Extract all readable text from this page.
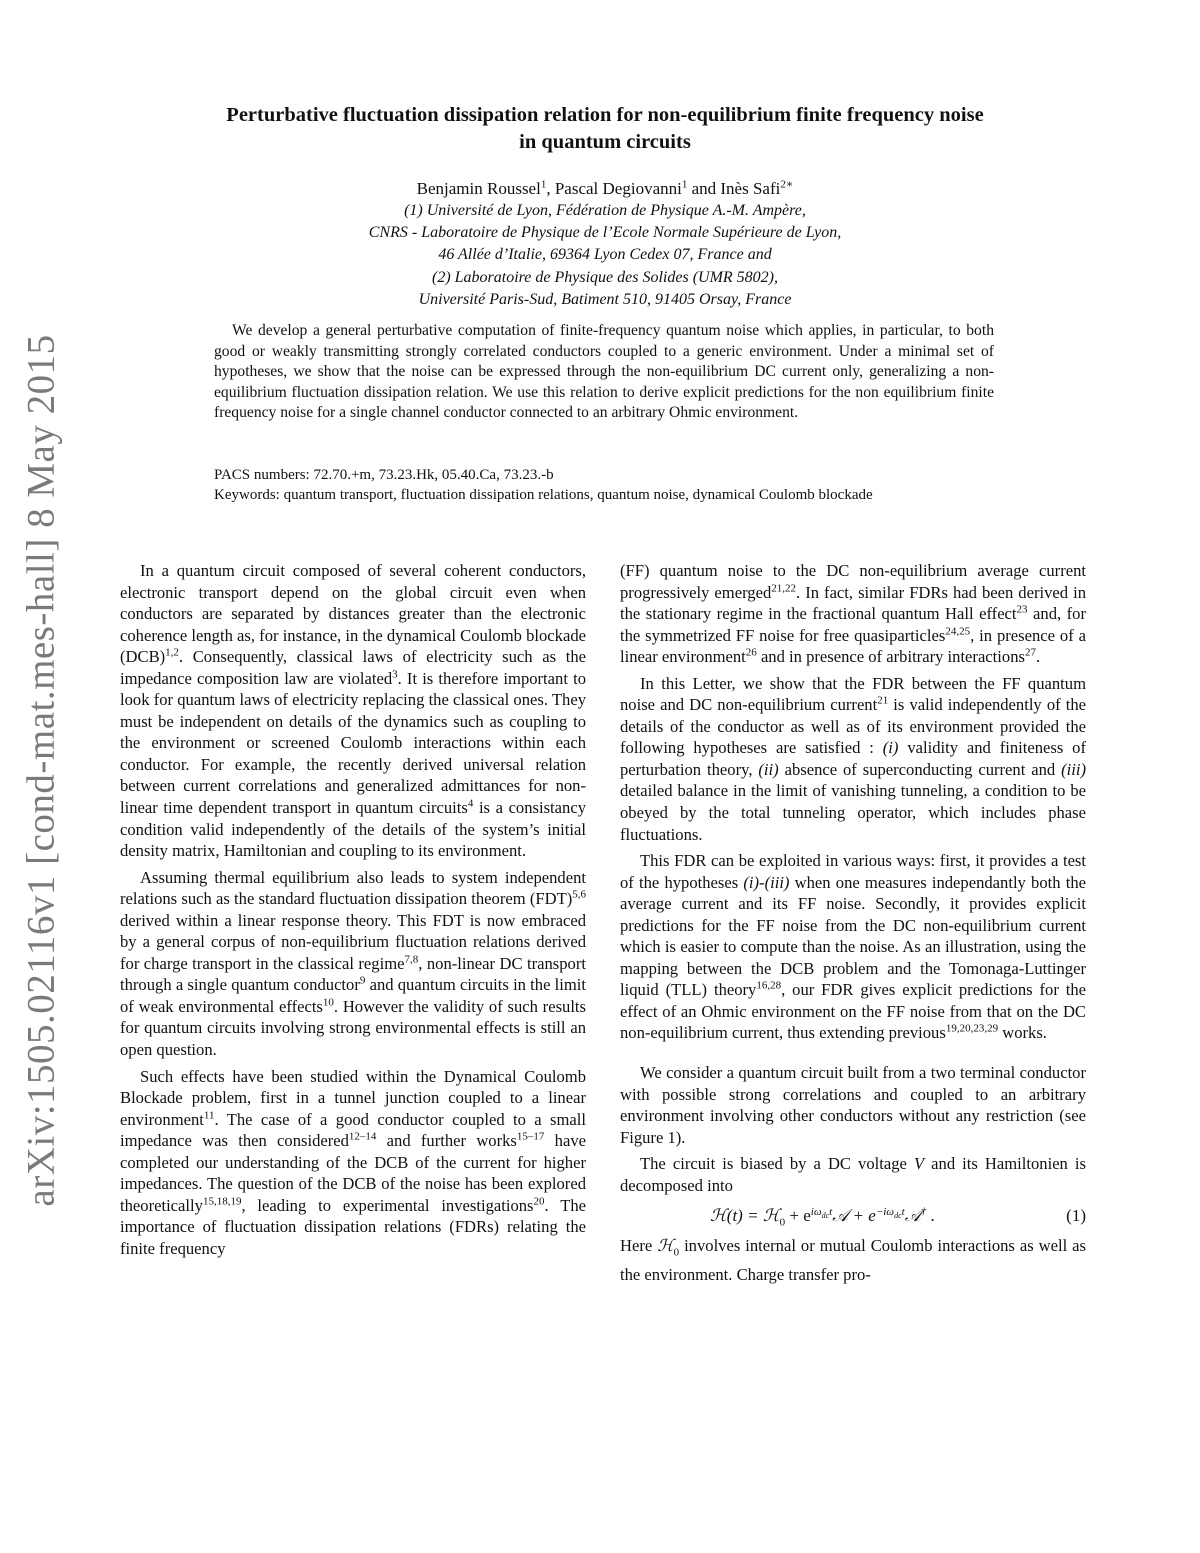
arXiv:1505.02116v1 [cond-mat.mes-hall] 8 May 2015
Perturbative fluctuation dissipation relation for non-equilibrium finite frequency noise
in quantum circuits
Benjamin Roussel$^1$, Pascal Degiovanni$^1$ and Inès Safi$^{2∗}$
(1) Université de Lyon, Fédération de Physique A.-M. Ampère,
CNRS - Laboratoire de Physique de l’Ecole Normale Supérieure de Lyon,
46 Allée d’Italie, 69364 Lyon Cedex 07, France and
(2) Laboratoire de Physique des Solides (UMR 5802),
Université Paris-Sud, Batiment 510, 91405 Orsay, France
We develop a general perturbative computation of finite-frequency quantum noise which applies, in particular, to both good or weakly transmitting strongly correlated conductors coupled to a generic environment. Under a minimal set of hypotheses, we show that the noise can be expressed through the non-equilibrium DC current only, generalizing a non-equilibrium fluctuation dissipation relation. We use this relation to derive explicit predictions for the non equilibrium finite frequency noise for a single channel conductor connected to an arbitrary Ohmic environment.
PACS numbers: 72.70.+m, 73.23.Hk, 05.40.Ca, 73.23.-b
Keywords: quantum transport, fluctuation dissipation relations, quantum noise, dynamical Coulomb blockade

In a quantum circuit composed of several coherent conductors, electronic transport depend on the global circuit even when conductors are separated by distances greater than the electronic coherence length as, for instance, in the dynamical Coulomb blockade (DCB)$^{1,2}$. Consequently, classical laws of electricity such as the impedance composition law are violated$^3$. It is therefore important to look for quantum laws of electricity replacing the classical ones. They must be independent on details of the dynamics such as coupling to the environment or screened Coulomb interactions within each conductor. For example, the recently derived universal relation between current correlations and generalized admittances for non-linear time dependent transport in quantum circuits$^4$ is a consistancy condition valid independently of the details of the system’s initial density matrix, Hamiltonian and coupling to its environment.

Assuming thermal equilibrium also leads to system independent relations such as the standard fluctuation dissipation theorem (FDT)$^{5,6}$ derived within a linear response theory. This FDT is now embraced by a general corpus of non-equilibrium fluctuation relations derived for charge transport in the classical regime$^{7,8}$, non-linear DC transport through a single quantum conductor$^9$ and quantum circuits in the limit of weak environmental effects$^{10}$. However the validity of such results for quantum circuits involving strong environmental effects is still an open question.

Such effects have been studied within the Dynamical Coulomb Blockade problem, first in a tunnel junction coupled to a linear environment$^{11}$. The case of a good conductor coupled to a small impedance was then considered$^{12-14}$ and further works$^{15-17}$ have completed our understanding of the DCB of the current for higher impedances. The question of the DCB of the noise has been explored theoretically$^{15,18,19}$, leading to experimental investigations$^{20}$. The importance of fluctuation dissipation relations (FDRs) relating the finite frequency

(FF) quantum noise to the DC non-equilibrium average current progressively emerged$^{21,22}$. In fact, similar FDRs had been derived in the stationary regime in the fractional quantum Hall effect$^{23}$ and, for the symmetrized FF noise for free quasiparticles$^{24,25}$, in presence of a linear environment$^{26}$ and in presence of arbitrary interactions$^{27}$.

In this Letter, we show that the FDR between the FF quantum noise and DC non-equilibrium current$^{21}$ is valid independently of the details of the conductor as well as of its environment provided the following hypotheses are satisfied : (i) validity and finiteness of perturbation theory, (ii) absence of superconducting current and (iii) detailed balance in the limit of vanishing tunneling, a condition to be obeyed by the total tunneling operator, which includes phase fluctuations.

This FDR can be exploited in various ways: first, it provides a test of the hypotheses (i)-(iii) when one measures independantly both the average current and its FF noise. Secondly, it provides explicit predictions for the FF noise from the DC non-equilibrium current which is easier to compute than the noise. As an illustration, using the mapping between the DCB problem and the Tomonaga-Luttinger liquid (TLL) theory$^{16,28}$, our FDR gives explicit predictions for the effect of an Ohmic environment on the FF noise from that on the DC non-equilibrium current, thus extending previous$^{19,20,23,29}$ works.

We consider a quantum circuit built from a two terminal conductor with possible strong correlations and coupled to an arbitrary environment involving other conductors without any restriction (see Figure 1).

The circuit is biased by a DC voltage V and its Hamiltonien is decomposed into

ℋ(t) = ℋ$_0$ + $e^{i\omega_{dc}t}𝒜$ + $e^{-i\omega_{dc}t}𝒜^\dagger$ .	(1)

Here ℋ$_0$ involves internal or mutual Coulomb interactions as well as the environment. Charge transfer pro-
